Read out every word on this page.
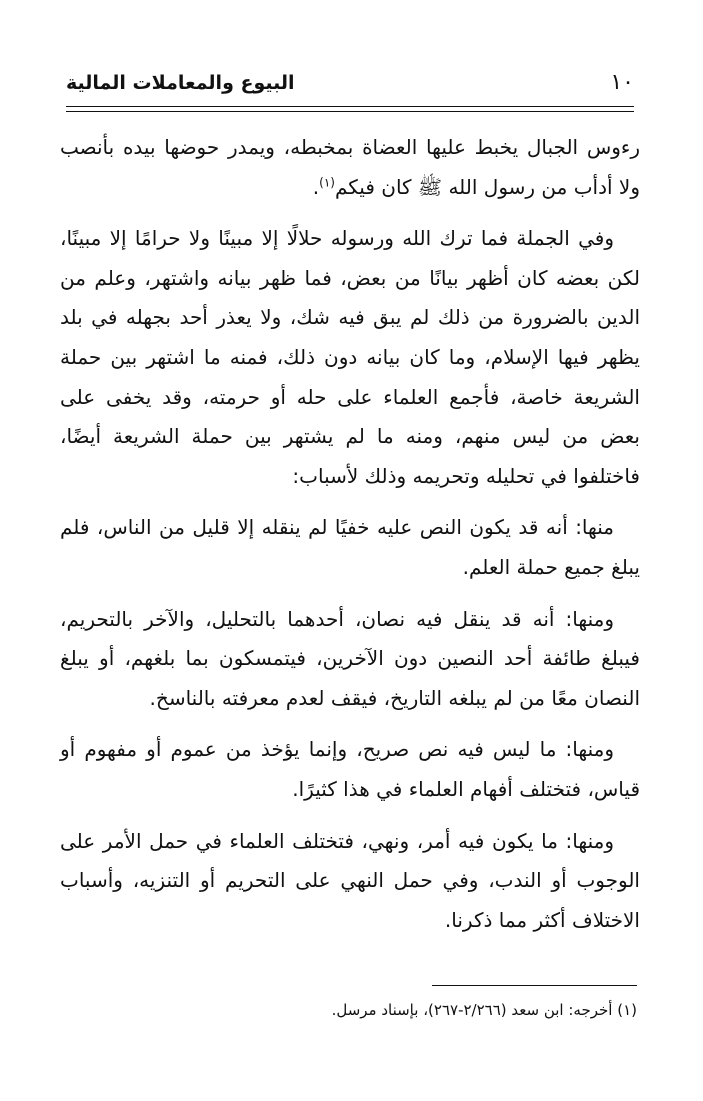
١٠
البيوع والمعاملات المالية

رءوس الجبال يخبط عليها العضاة بمخبطه، ويمدر حوضها بيده بأنصب ولا أدأب من رسول الله ﷺ كان فيكم$^{(١)}$.

وفي الجملة فما ترك الله ورسوله حلالًا إلا مبينًا ولا حرامًا إلا مبينًا، لكن بعضه كان أظهر بيانًا من بعض، فما ظهر بيانه واشتهر، وعلم من الدين بالضرورة من ذلك لم يبق فيه شك، ولا يعذر أحد بجهله في بلد يظهر فيها الإسلام، وما كان بيانه دون ذلك، فمنه ما اشتهر بين حملة الشريعة خاصة، فأجمع العلماء على حله أو حرمته، وقد يخفى على بعض من ليس منهم، ومنه ما لم يشتهر بين حملة الشريعة أيضًا، فاختلفوا في تحليله وتحريمه وذلك لأسباب:

منها: أنه قد يكون النص عليه خفيًا لم ينقله إلا قليل من الناس، فلم يبلغ جميع حملة العلم.

ومنها: أنه قد ينقل فيه نصان، أحدهما بالتحليل، والآخر بالتحريم، فيبلغ طائفة أحد النصين دون الآخرين، فيتمسكون بما بلغهم، أو يبلغ النصان معًا من لم يبلغه التاريخ، فيقف لعدم معرفته بالناسخ.

ومنها: ما ليس فيه نص صريح، وإنما يؤخذ من عموم أو مفهوم أو قياس، فتختلف أفهام العلماء في هذا كثيرًا.

ومنها: ما يكون فيه أمر، ونهي، فتختلف العلماء في حمل الأمر على الوجوب أو الندب، وفي حمل النهي على التحريم أو التنزيه، وأسباب الاختلاف أكثر مما ذكرنا.

(١) أخرجه: ابن سعد (٢/٢٦٦-٢٦٧)، بإسناد مرسل.
